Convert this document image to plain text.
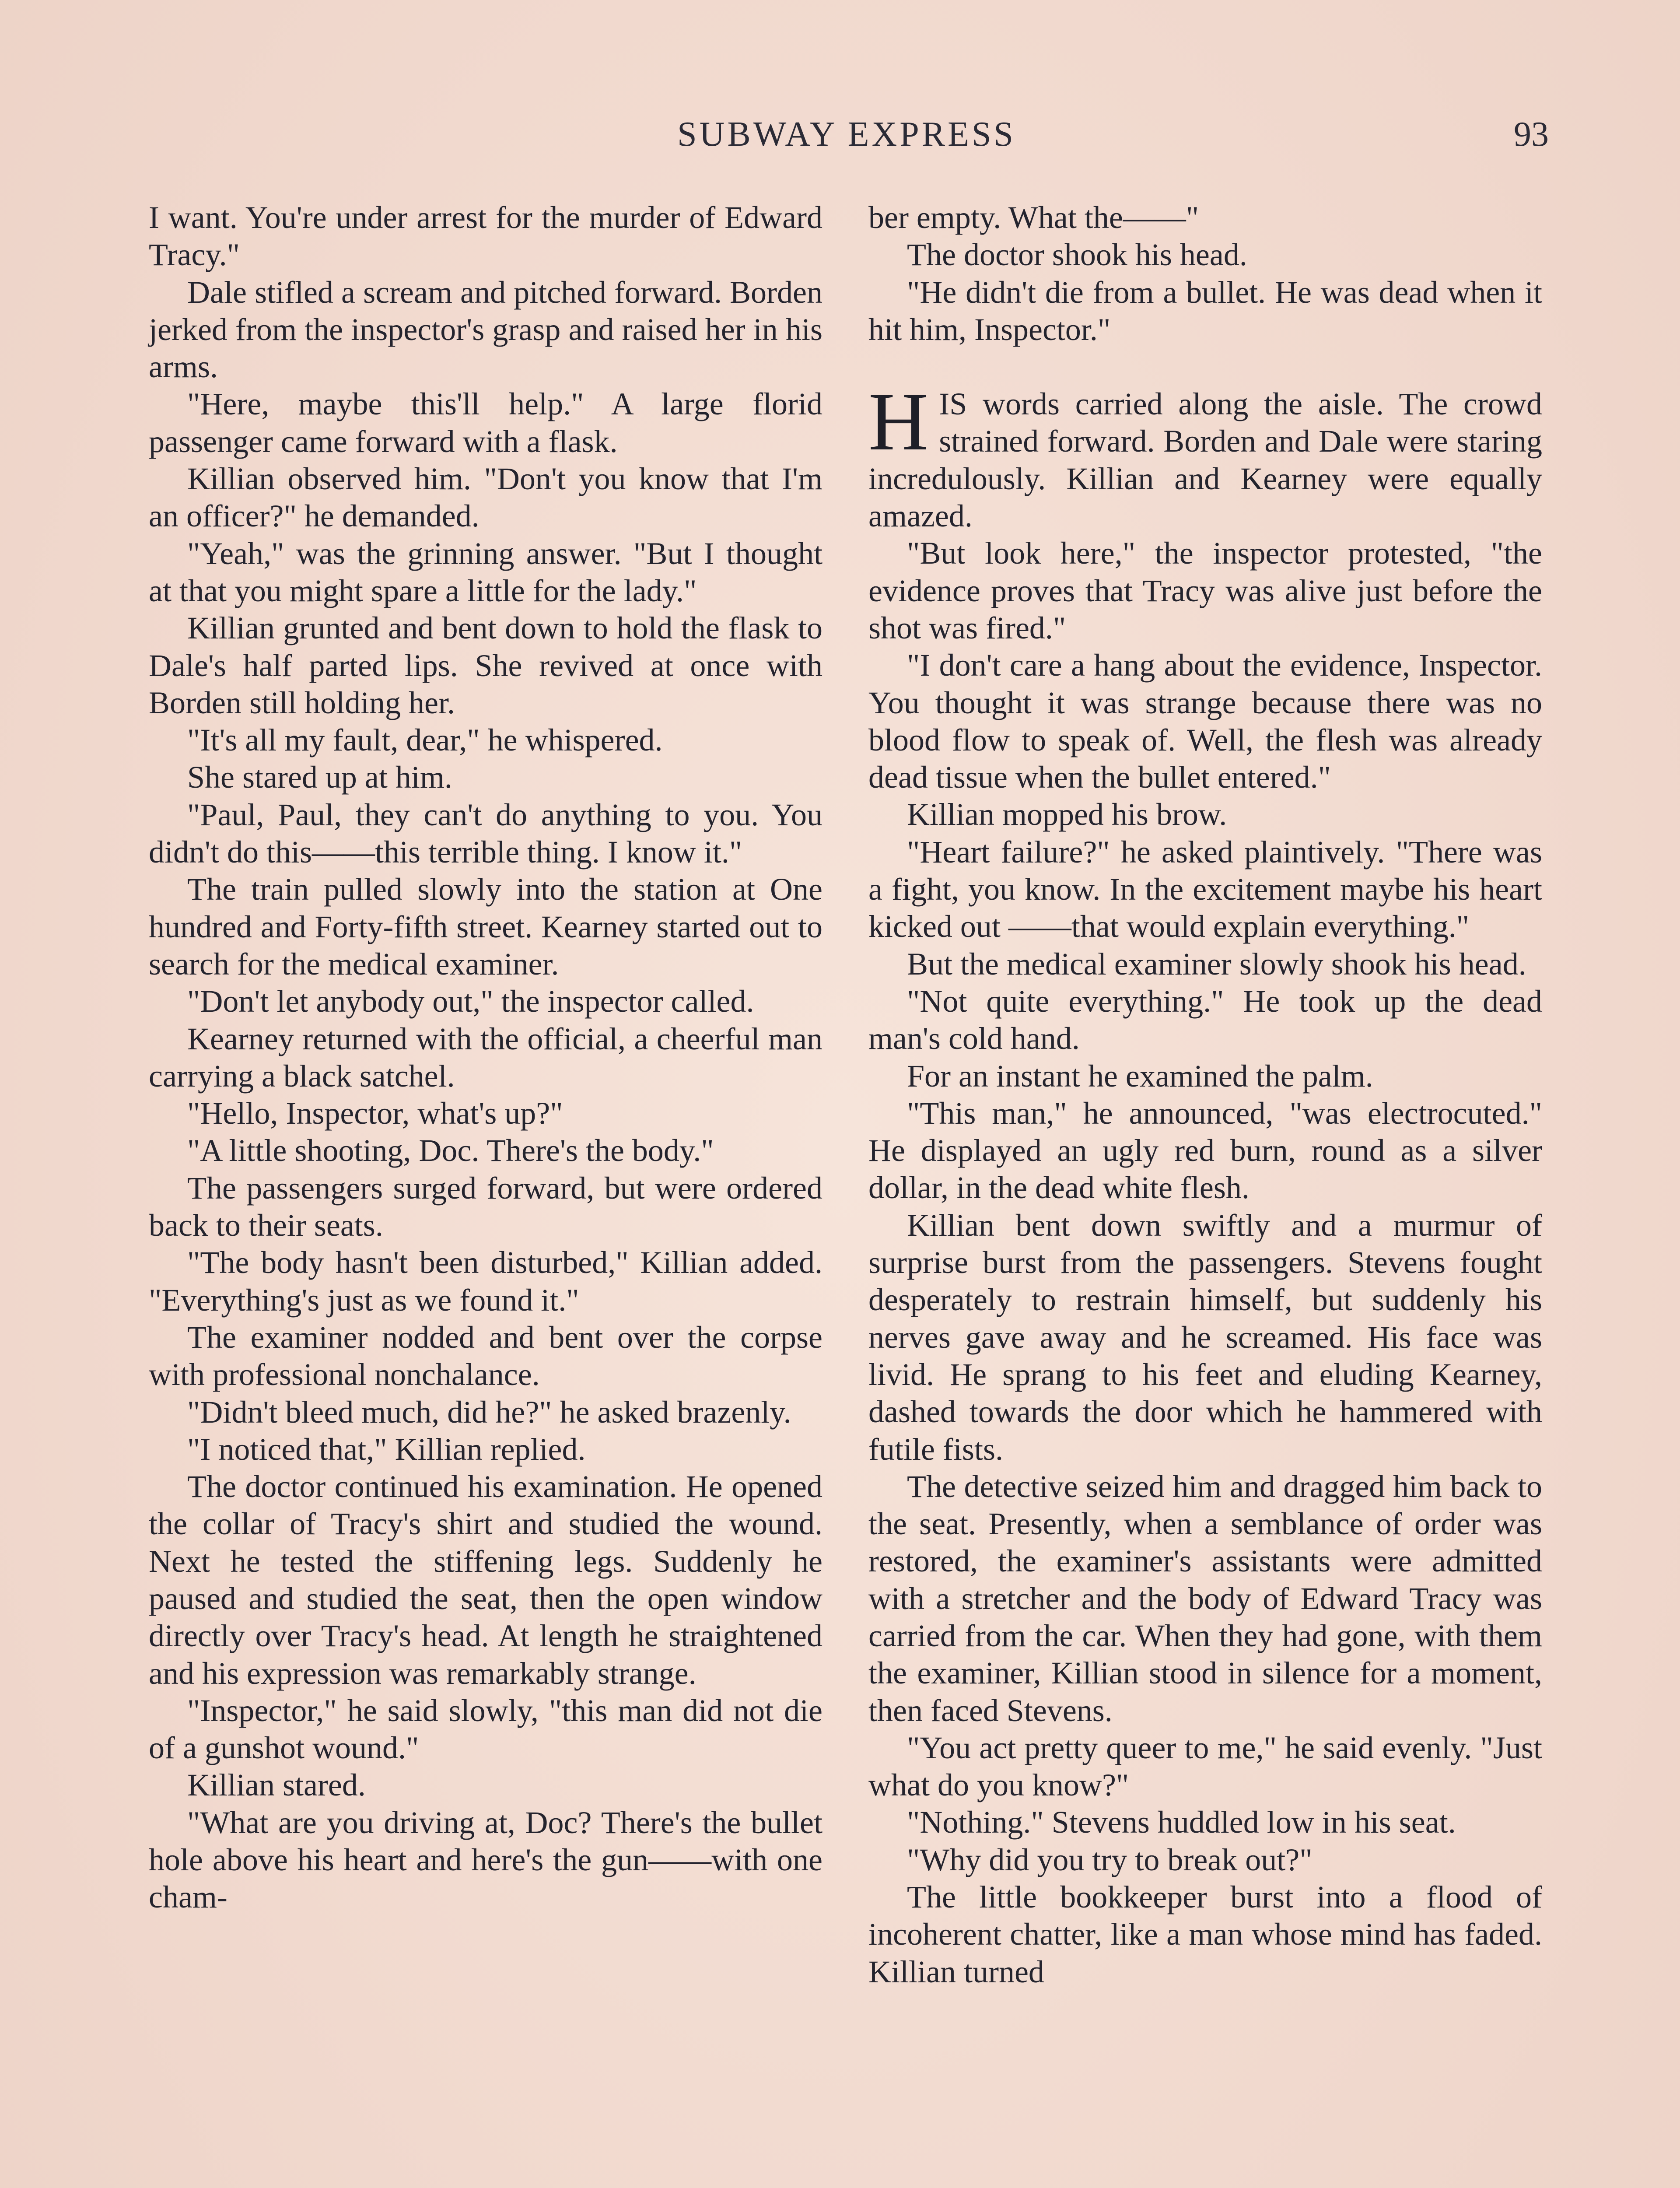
SUBWAY EXPRESS	93

I want. You're under arrest for the murder of Edward Tracy."

Dale stifled a scream and pitched forward. Borden jerked from the inspector's grasp and raised her in his arms.

"Here, maybe this'll help." A large florid passenger came forward with a flask.

Killian observed him. "Don't you know that I'm an officer?" he demanded.

"Yeah," was the grinning answer. "But I thought at that you might spare a little for the lady."

Killian grunted and bent down to hold the flask to Dale's half parted lips. She revived at once with Borden still holding her.

"It's all my fault, dear," he whispered.

She stared up at him.

"Paul, Paul, they can't do anything to you. You didn't do this——this terrible thing. I know it."

The train pulled slowly into the station at One hundred and Forty-fifth street. Kearney started out to search for the medical examiner.

"Don't let anybody out," the inspector called.

Kearney returned with the official, a cheerful man carrying a black satchel.

"Hello, Inspector, what's up?"

"A little shooting, Doc. There's the body."

The passengers surged forward, but were ordered back to their seats.

"The body hasn't been disturbed," Killian added. "Everything's just as we found it."

The examiner nodded and bent over the corpse with professional nonchalance.

"Didn't bleed much, did he?" he asked brazenly.

"I noticed that," Killian replied.

The doctor continued his examination. He opened the collar of Tracy's shirt and studied the wound. Next he tested the stiffening legs. Suddenly he paused and studied the seat, then the open window directly over Tracy's head. At length he straightened and his expression was remarkably strange.

"Inspector," he said slowly, "this man did not die of a gunshot wound."

Killian stared.

"What are you driving at, Doc? There's the bullet hole above his heart and here's the gun——with one cham-

ber empty. What the——"

The doctor shook his head.

"He didn't die from a bullet. He was dead when it hit him, Inspector."

HIS words carried along the aisle. The crowd strained forward. Borden and Dale were staring incredulously. Killian and Kearney were equally amazed.

"But look here," the inspector protested, "the evidence proves that Tracy was alive just before the shot was fired."

"I don't care a hang about the evidence, Inspector. You thought it was strange because there was no blood flow to speak of. Well, the flesh was already dead tissue when the bullet entered."

Killian mopped his brow.

"Heart failure?" he asked plaintively. "There was a fight, you know. In the excitement maybe his heart kicked out ——that would explain everything."

But the medical examiner slowly shook his head.

"Not quite everything." He took up the dead man's cold hand.

For an instant he examined the palm.

"This man," he announced, "was electrocuted." He displayed an ugly red burn, round as a silver dollar, in the dead white flesh.

Killian bent down swiftly and a murmur of surprise burst from the passengers. Stevens fought desperately to restrain himself, but suddenly his nerves gave away and he screamed. His face was livid. He sprang to his feet and eluding Kearney, dashed towards the door which he hammered with futile fists.

The detective seized him and dragged him back to the seat. Presently, when a semblance of order was restored, the examiner's assistants were admitted with a stretcher and the body of Edward Tracy was carried from the car. When they had gone, with them the examiner, Killian stood in silence for a moment, then faced Stevens.

"You act pretty queer to me," he said evenly. "Just what do you know?"

"Nothing." Stevens huddled low in his seat.

"Why did you try to break out?"

The little bookkeeper burst into a flood of incoherent chatter, like a man whose mind has faded. Killian turned
